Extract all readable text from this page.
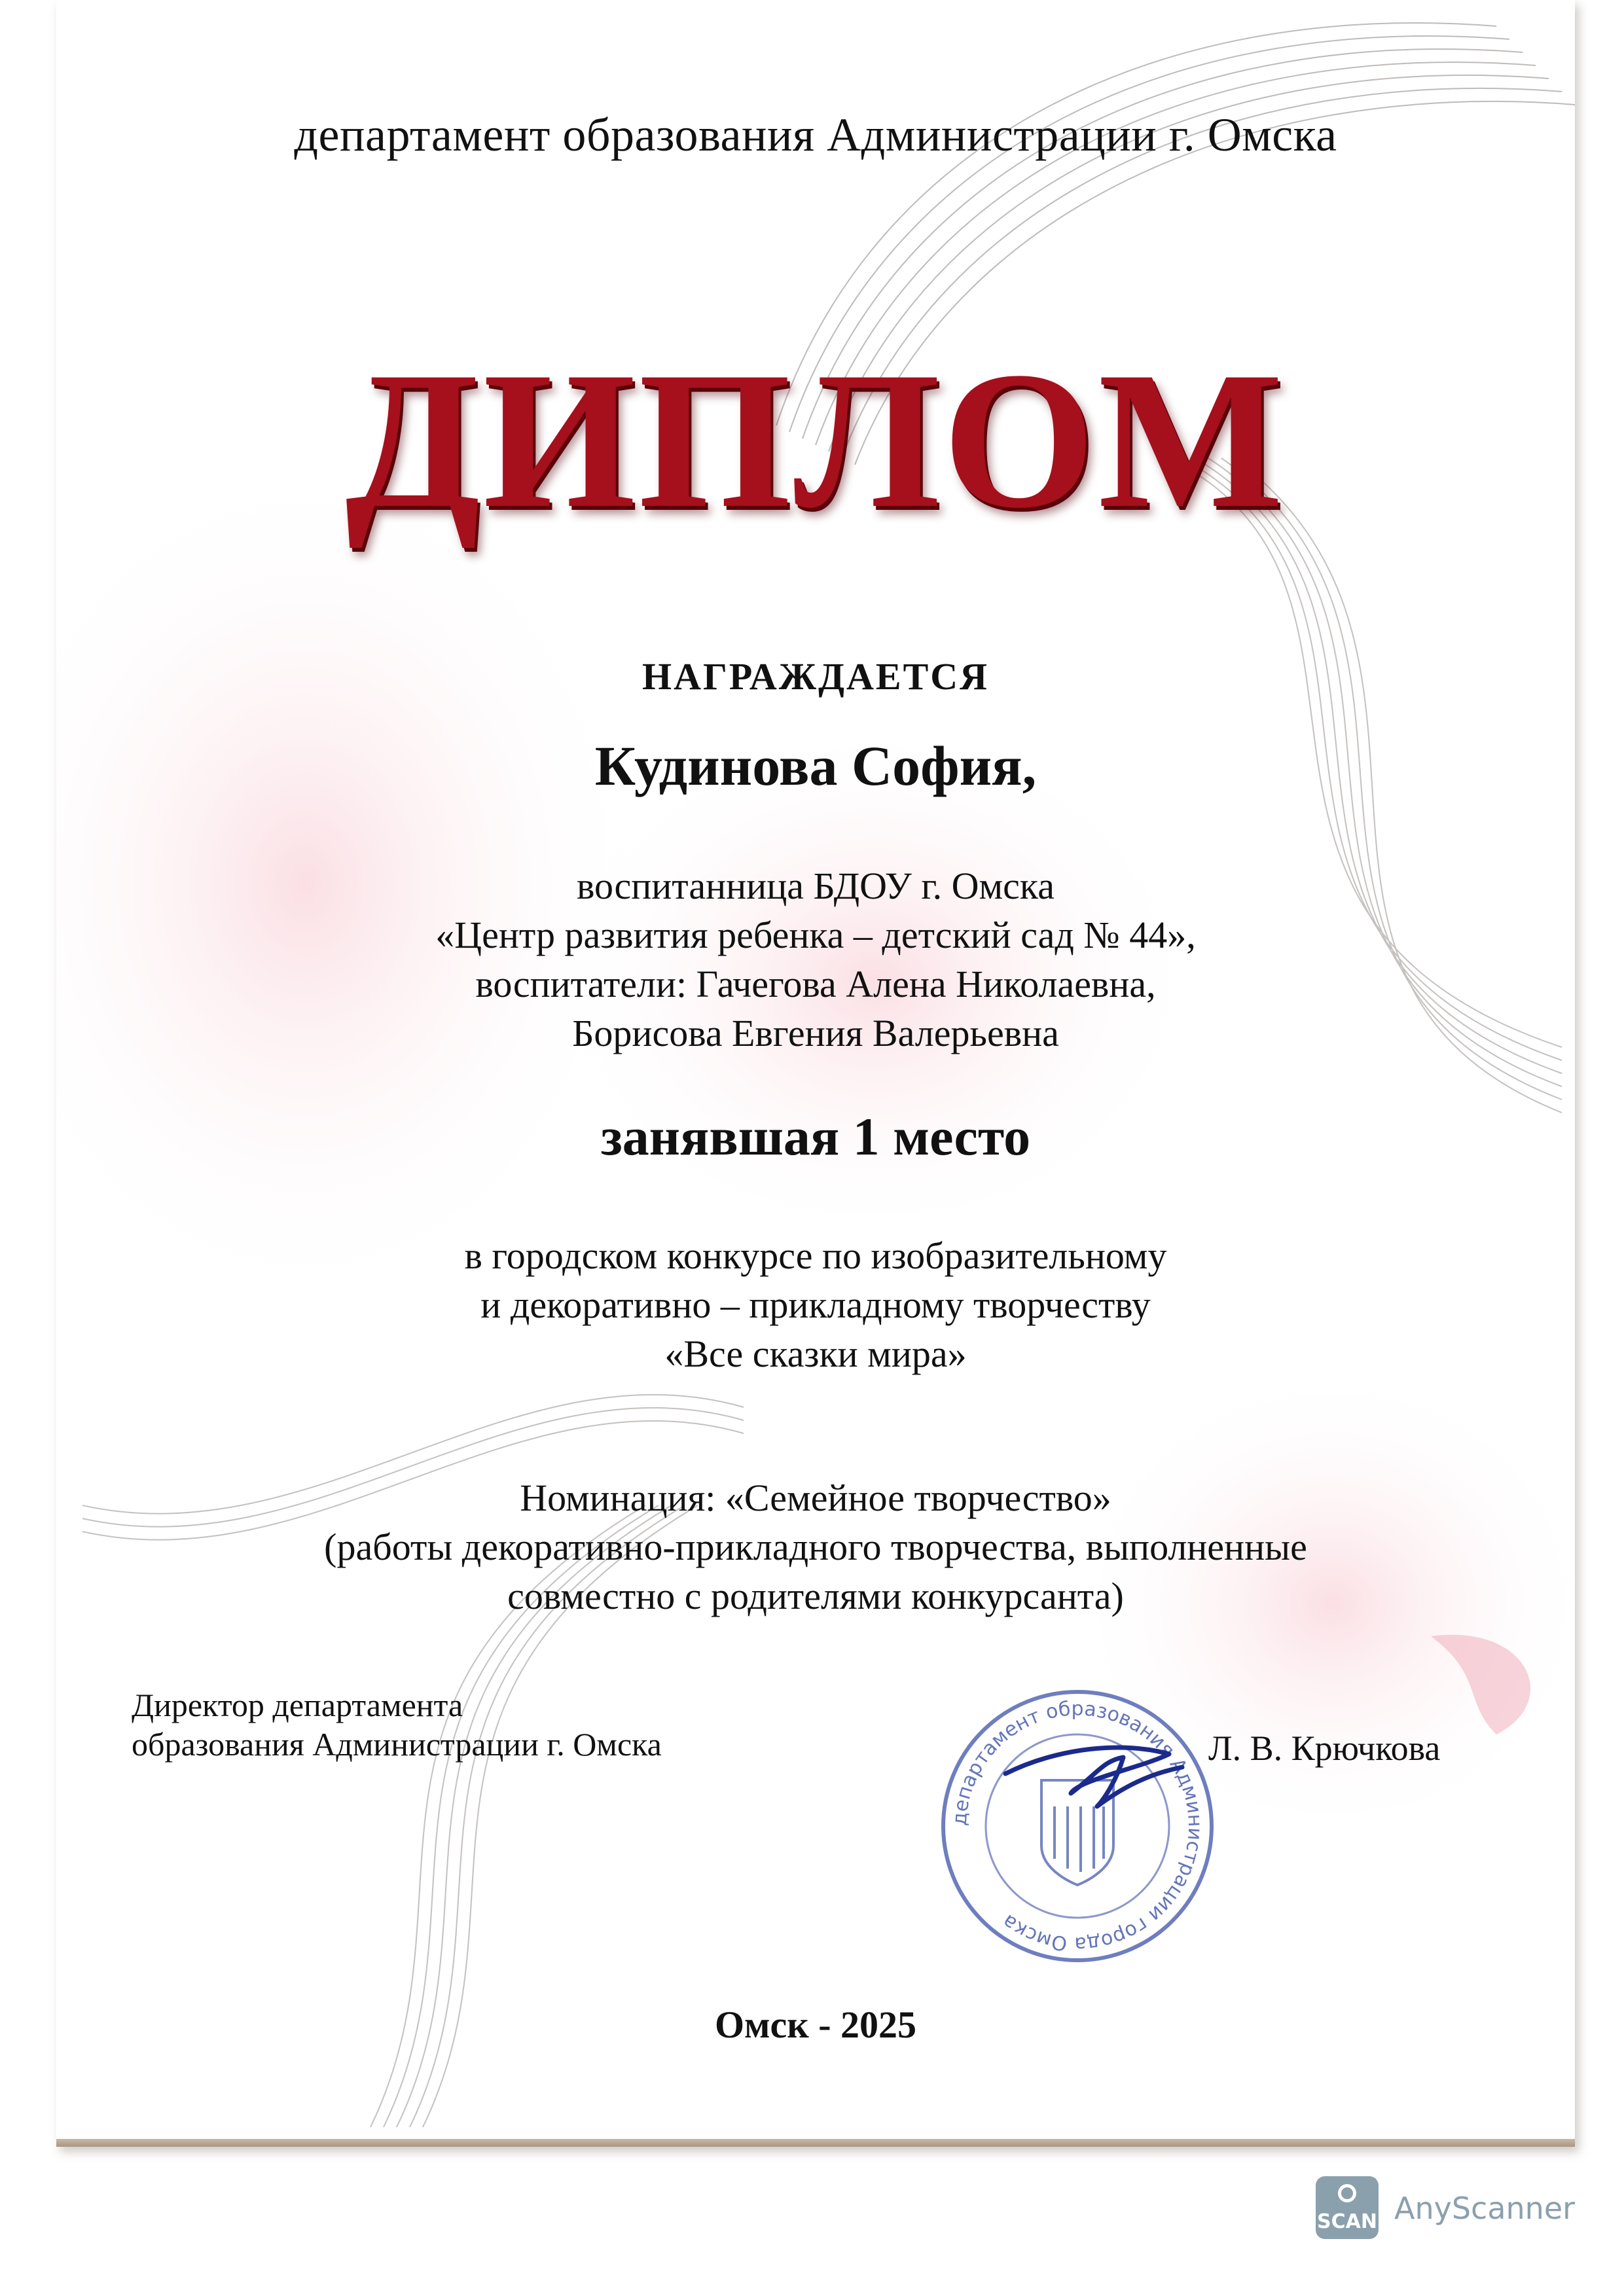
департамент образования Администрации г. Омска
ДИПЛОМ
НАГРАЖДАЕТСЯ
Кудинова София,
воспитанница БДОУ г. Омска
«Центр развития ребенка – детский сад № 44»,
воспитатели: Гачегова Алена Николаевна,
Борисова Евгения Валерьевна
занявшая 1 место
в городском конкурсе по изобразительному
и декоративно – прикладному творчеству
«Все сказки мира»
Номинация: «Семейное творчество»
(работы декоративно-прикладного творчества, выполненные
совместно с родителями конкурсанта)
Директор департамента
образования Администрации г. Омска
департамент образования Администрации города Омска
Л. В. Крючкова
Омск - 2025
SCAN AnyScanner
